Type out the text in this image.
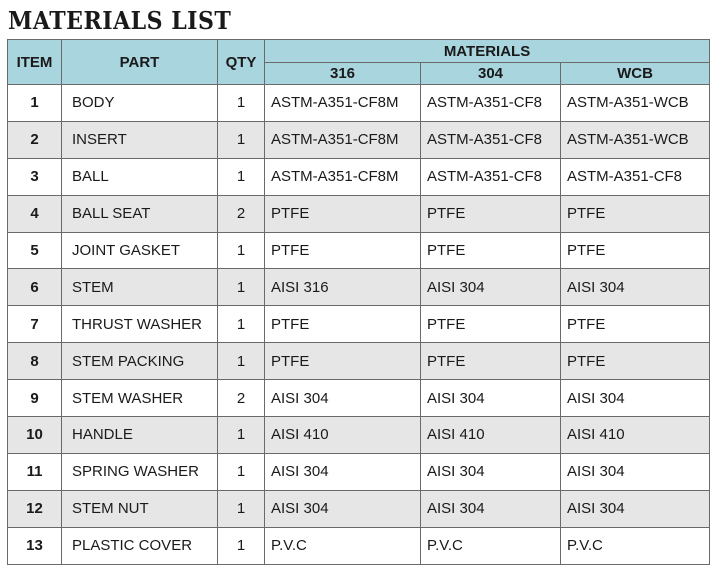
MATERIALS LIST
ITEM	PART	QTY	MATERIALS		
			316	304	WCB
1	BODY	1	ASTM-A351-CF8M	ASTM-A351-CF8	ASTM-A351-WCB
2	INSERT	1	ASTM-A351-CF8M	ASTM-A351-CF8	ASTM-A351-WCB
3	BALL	1	ASTM-A351-CF8M	ASTM-A351-CF8	ASTM-A351-CF8
4	BALL SEAT	2	PTFE	PTFE	PTFE
5	JOINT GASKET	1	PTFE	PTFE	PTFE
6	STEM	1	AISI 316	AISI 304	AISI 304
7	THRUST WASHER	1	PTFE	PTFE	PTFE
8	STEM PACKING	1	PTFE	PTFE	PTFE
9	STEM WASHER	2	AISI 304	AISI 304	AISI 304
10	HANDLE	1	AISI 410	AISI 410	AISI 410
11	SPRING WASHER	1	AISI 304	AISI 304	AISI 304
12	STEM NUT	1	AISI 304	AISI 304	AISI 304
13	PLASTIC COVER	1	P.V.C	P.V.C	P.V.C
